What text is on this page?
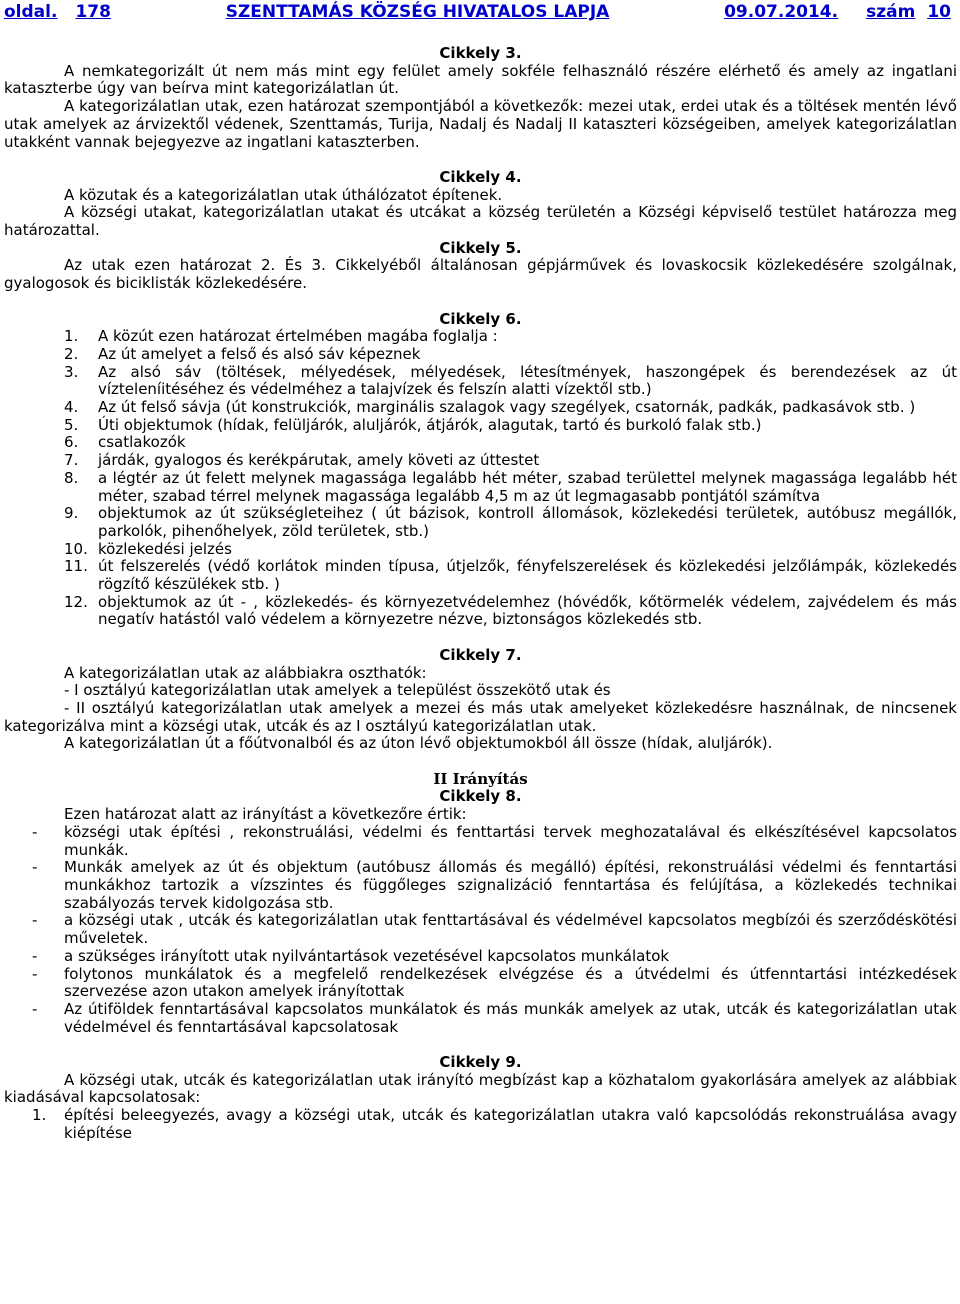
oldal. 178	SZENTTAMÁS KÖZSÉG HIVATALOS LAPJA	09.07.2014. szám 10
Cikkely 3.

A nemkategorizált út nem más mint egy felület amely sokféle felhasználó részére elérhető és amely az ingatlani kataszterbe úgy van beírva mint kategorizálatlan út.

A kategorizálatlan utak, ezen határozat szempontjából a következők: mezei utak, erdei utak és a töltések mentén lévő utak amelyek az árvizektől védenek, Szenttamás, Turija, Nadalj és Nadalj II kataszteri községeiben, amelyek kategorizálatlan utakként vannak bejegyezve az ingatlani kataszterben.

Cikkely 4.

A közutak és a kategorizálatlan utak úthálózatot építenek.

A községi utakat, kategorizálatlan utakat és utcákat a község területén a Községi képviselő testület határozza meg határozattal.

Cikkely 5.

Az utak ezen határozat 2. És 3. Cikkelyéből általánosan gépjárművek és lovaskocsik közlekedésére szolgálnak, gyalogosok és biciklisták közlekedésére.

Cikkely 6.
1.	A közút ezen határozat értelmében magába foglalja :
2.	Az út amelyet a felső és alsó sáv képeznek
3.	Az alsó sáv (töltések, mélyedések, mélyedések, létesítmények, haszongépek és berendezések az út vízteleníitéséhez és védelméhez a talajvízek és felszín alatti vízektől stb.)
4.	Az út felső sávja (út konstrukciók, marginális szalagok vagy szegélyek, csatornák, padkák, padkasávok stb. )
5.	Úti objektumok (hídak, felüljárók, aluljárók, átjárók, alagutak, tartó és burkoló falak stb.)
6.	csatlakozók
7.	járdák, gyalogos és kerékpárutak, amely követi az úttestet
8.	a légtér az út felett melynek magassága legalább hét méter, szabad területtel melynek magassága legalább hét méter, szabad térrel melynek magassága legalább 4,5 m az út legmagasabb pontjától számítva
9.	objektumok az út szükségleteihez ( út bázisok, kontroll állomások, közlekedési területek, autóbusz megállók, parkolók, pihenőhelyek, zöld területek, stb.)
10. közlekedési jelzés
11. út felszerelés (védő korlátok minden típusa, útjelzők, fényfelszerelések és közlekedési jelzőlámpák, közlekedés rögzítő készülékek stb. )
12. objektumok az út - , közlekedés- és környezetvédelemhez (hóvédők, kőtörmelék védelem, zajvédelem és más negatív hatástól való védelem a környezetre nézve, biztonságos közlekedés stb.
Cikkely 7.

A kategorizálatlan utak az alábbiakra oszthatók:

- I osztályú kategorizálatlan utak amelyek a települést összekötő utak és

- II osztályú kategorizálatlan utak amelyek a mezei és más utak amelyeket közlekedésre használnak, de nincsenek kategorizálva mint a községi utak, utcák és az I osztályú kategorizálatlan utak.

A kategorizálatlan út a főútvonalból és az úton lévő objektumokból áll össze (hídak, aluljárók).

II Irányítás
Cikkely 8.

Ezen határozat alatt az irányítást a következőre értik:

-	községi utak építési , rekonstruálási, védelmi és fenttartási tervek meghozatalával és elkészítésével kapcsolatos munkák.
-	Munkák amelyek az út és objektum (autóbusz állomás és megálló) építési, rekonstruálási védelmi és fenntartási munkákhoz tartozik a vízszintes és függőleges szignalizáció fenntartása és felújítása, a közlekedés technikai szabályozás tervek kidolgozása stb.
-	a községi utak , utcák és kategorizálatlan utak fenttartásával és védelmével kapcsolatos megbízói és szerződéskötési műveletek.
-	a szükséges irányított utak nyilvántartások vezetésével kapcsolatos munkálatok
-	folytonos munkálatok és a megfelelő rendelkezések elvégzése és a útvédelmi és útfenntartási intézkedések szervezése azon utakon amelyek irányítottak
-	Az útiföldek fenntartásával kapcsolatos munkálatok és más munkák amelyek az utak, utcák és kategorizálatlan utak védelmével és fenntartásával kapcsolatosak
Cikkely 9.

A községi utak, utcák és kategorizálatlan utak irányító megbízást kap a közhatalom gyakorlására amelyek az alábbiak kiadásával kapcsolatosak:

1.	építési beleegyezés, avagy a községi utak, utcák és kategorizálatlan utakra való kapcsolódás rekonstruálása avagy kiépítése
